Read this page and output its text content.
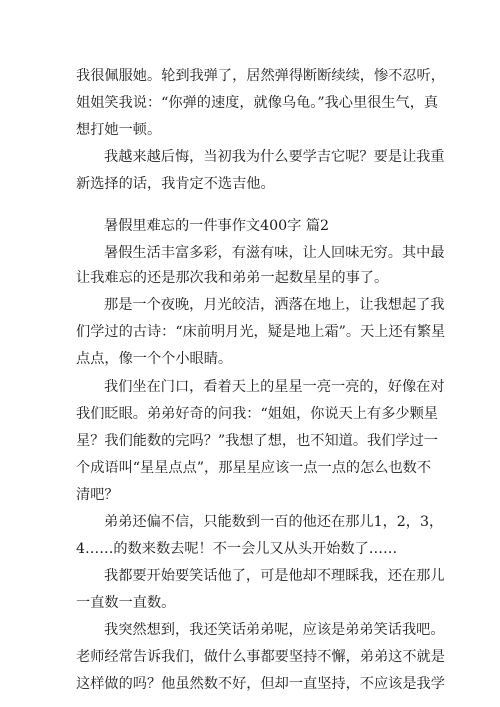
我很佩服她。轮到我弹了，居然弹得断断续续，惨不忍听，
姐姐笑我说：“你弹的速度，就像乌龟。”我心里很生气，真
想打她一顿。
我越来越后悔，当初我为什么要学吉它呢？要是让我重
新选择的话，我肯定不选吉他。
暑假里难忘的一件事作文400字 篇2
暑假生活丰富多彩，有滋有味，让人回味无穷。其中最
让我难忘的还是那次我和弟弟一起数星星的事了。
那是一个夜晚，月光皎洁，洒落在地上，让我想起了我
们学过的古诗：“床前明月光，疑是地上霜”。天上还有繁星
点点，像一个个小眼睛。
我们坐在门口，看着天上的星星一亮一亮的，好像在对
我们眨眼。弟弟好奇的问我：“姐姐，你说天上有多少颗星
星？我们能数的完吗？”我想了想，也不知道。我们学过一
个成语叫“星星点点”，那星星应该一点一点的怎么也数不
清吧？
弟弟还偏不信，只能数到一百的他还在那儿1，2，3，
4……的数来数去呢！不一会儿又从头开始数了……
我都要开始要笑话他了，可是他却不理睬我，还在那儿
一直数一直数。
我突然想到，我还笑话弟弟呢，应该是弟弟笑话我吧。
老师经常告诉我们，做什么事都要坚持不懈，弟弟这不就是
这样做的吗？他虽然数不好，但却一直坚持，不应该是我学
